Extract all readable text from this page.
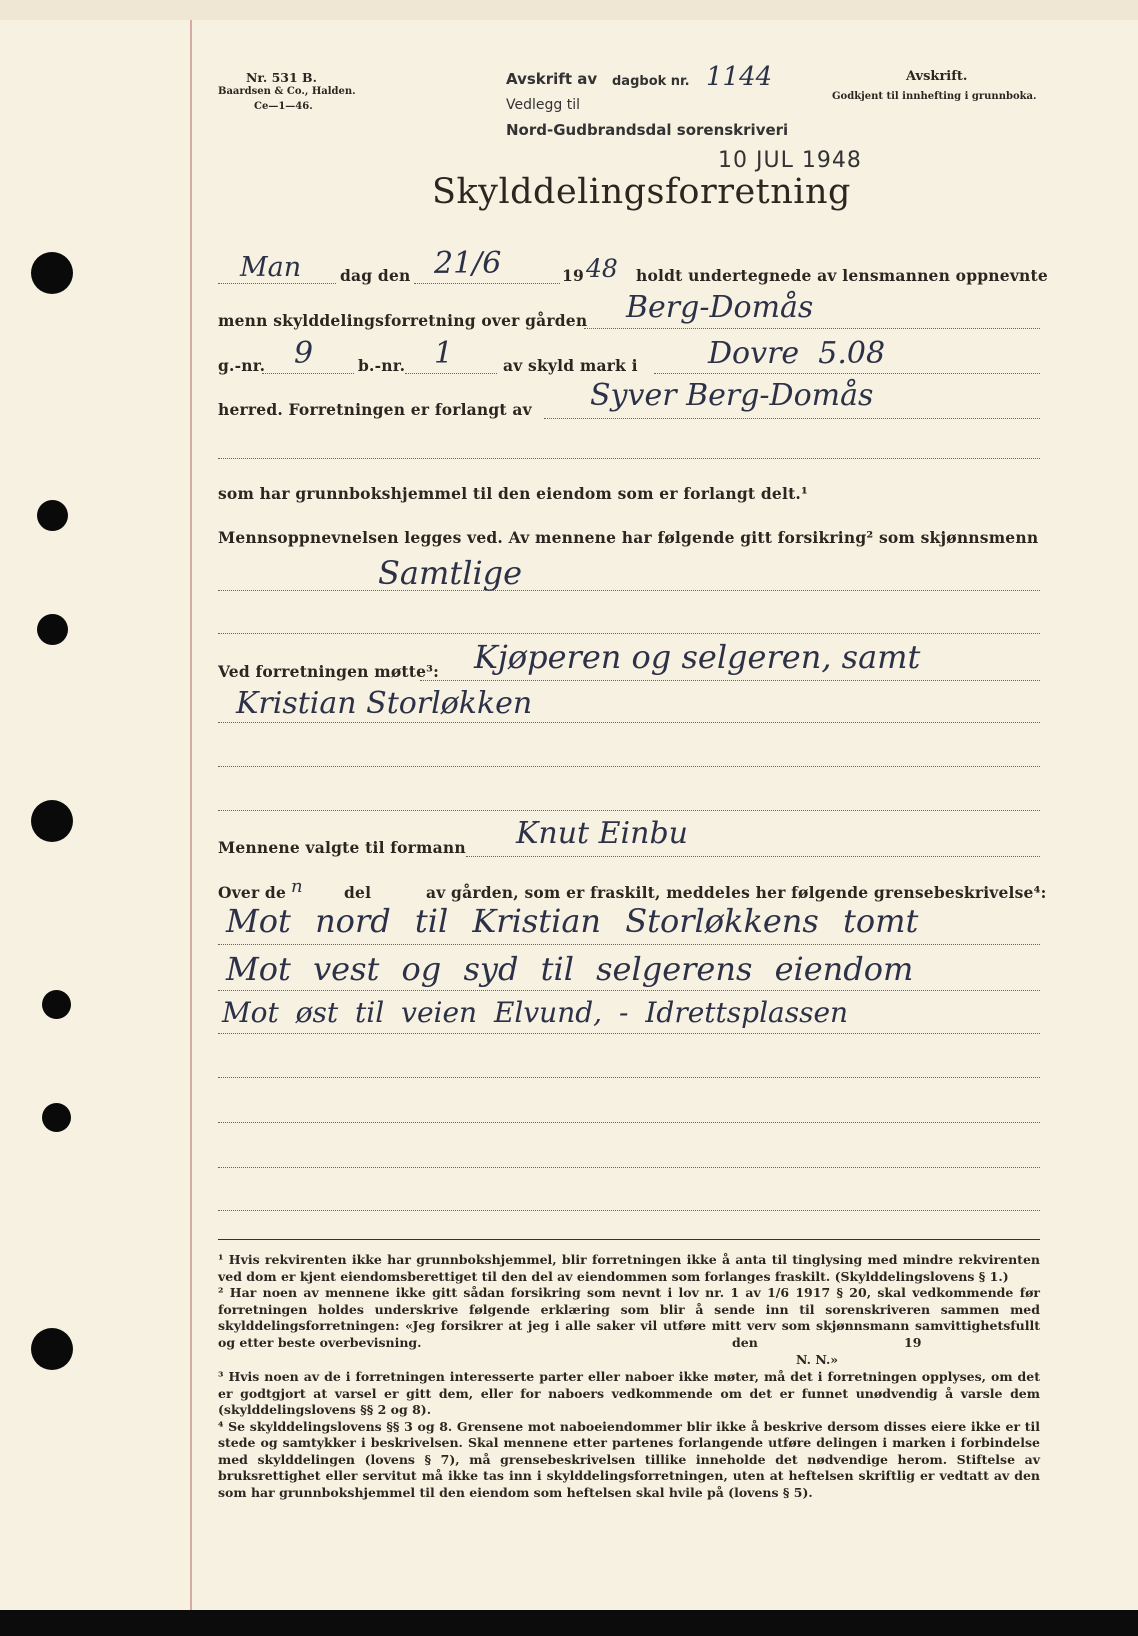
Nr. 531 B.
Baardsen & Co., Halden.
Ce—1—46.
Avskrift av dagbok nr. 1144
Vedlegg til
Nord-Gudbrandsdal sorenskriveri
10 JUL 1948
Avskrift.
Godkjent til innhefting i grunnboka.
Skylddelingsforretning
Man	dag den 21/6	19 48 holdt undertegnede av lensmannen oppnevnte
menn skylddelingsforretning over gården Berg-Domås
g.-nr. 9	b.-nr. 1	av skyld mark i Dovre  5.08
herred. Forretningen er forlangt av Syver Berg-Domås
som har grunnbokshjemmel til den eiendom som er forlangt delt.¹
Mennsoppnevnelsen legges ved. Av mennene har følgende gitt forsikring² som skjønnsmenn
Samtlige
Ved forretningen møtte³: Kjøperen og selgeren, samt
Kristian Storløkken
Mennene valgte til formann Knut Einbu
Over de n	del	av gården, som er fraskilt, meddeles her følgende grensebeskrivelse⁴:
Mot nord til Kristian Storløkkens tomt
Mot vest og syd til selgerens eiendom
Mot øst til veien Elvund, - Idrettsplassen

¹ Hvis rekvirenten ikke har grunnbokshjemmel, blir forretningen ikke å anta til tinglysing med mindre rekvirenten ved dom er kjent eiendomsberettiget til den del av eiendommen som forlanges fraskilt. (Skylddelingslovens § 1.)

² Har noen av mennene ikke gitt sådan forsikring som nevnt i lov nr. 1 av 1/6 1917 § 20, skal vedkommende før forretningen holdes underskrive følgende erklæring som blir å sende inn til sorenskriveren sammen med skylddelingsforretningen: «Jeg forsikrer at jeg i alle saker vil utføre mitt verv som skjønnsmann samvittighetsfullt og etter beste overbevisning.	den	19
N. N.»

³ Hvis noen av de i forretningen interesserte parter eller naboer ikke møter, må det i forretningen opplyses, om det er godtgjort at varsel er gitt dem, eller for naboers vedkommende om det er funnet unødvendig å varsle dem (skylddelingslovens §§ 2 og 8).

⁴ Se skylddelingslovens §§ 3 og 8. Grensene mot naboeiendommer blir ikke å beskrive dersom disses eiere ikke er til stede og samtykker i beskrivelsen. Skal mennene etter partenes forlangende utføre delingen i marken i forbindelse med skylddelingen (lovens § 7), må grensebeskrivelsen tillike inneholde det nødvendige herom. Stiftelse av bruksrettighet eller servitut må ikke tas inn i skylddelingsforretningen, uten at heftelsen skriftlig er vedtatt av den som har grunnbokshjemmel til den eiendom som heftelsen skal hvile på (lovens § 5).
